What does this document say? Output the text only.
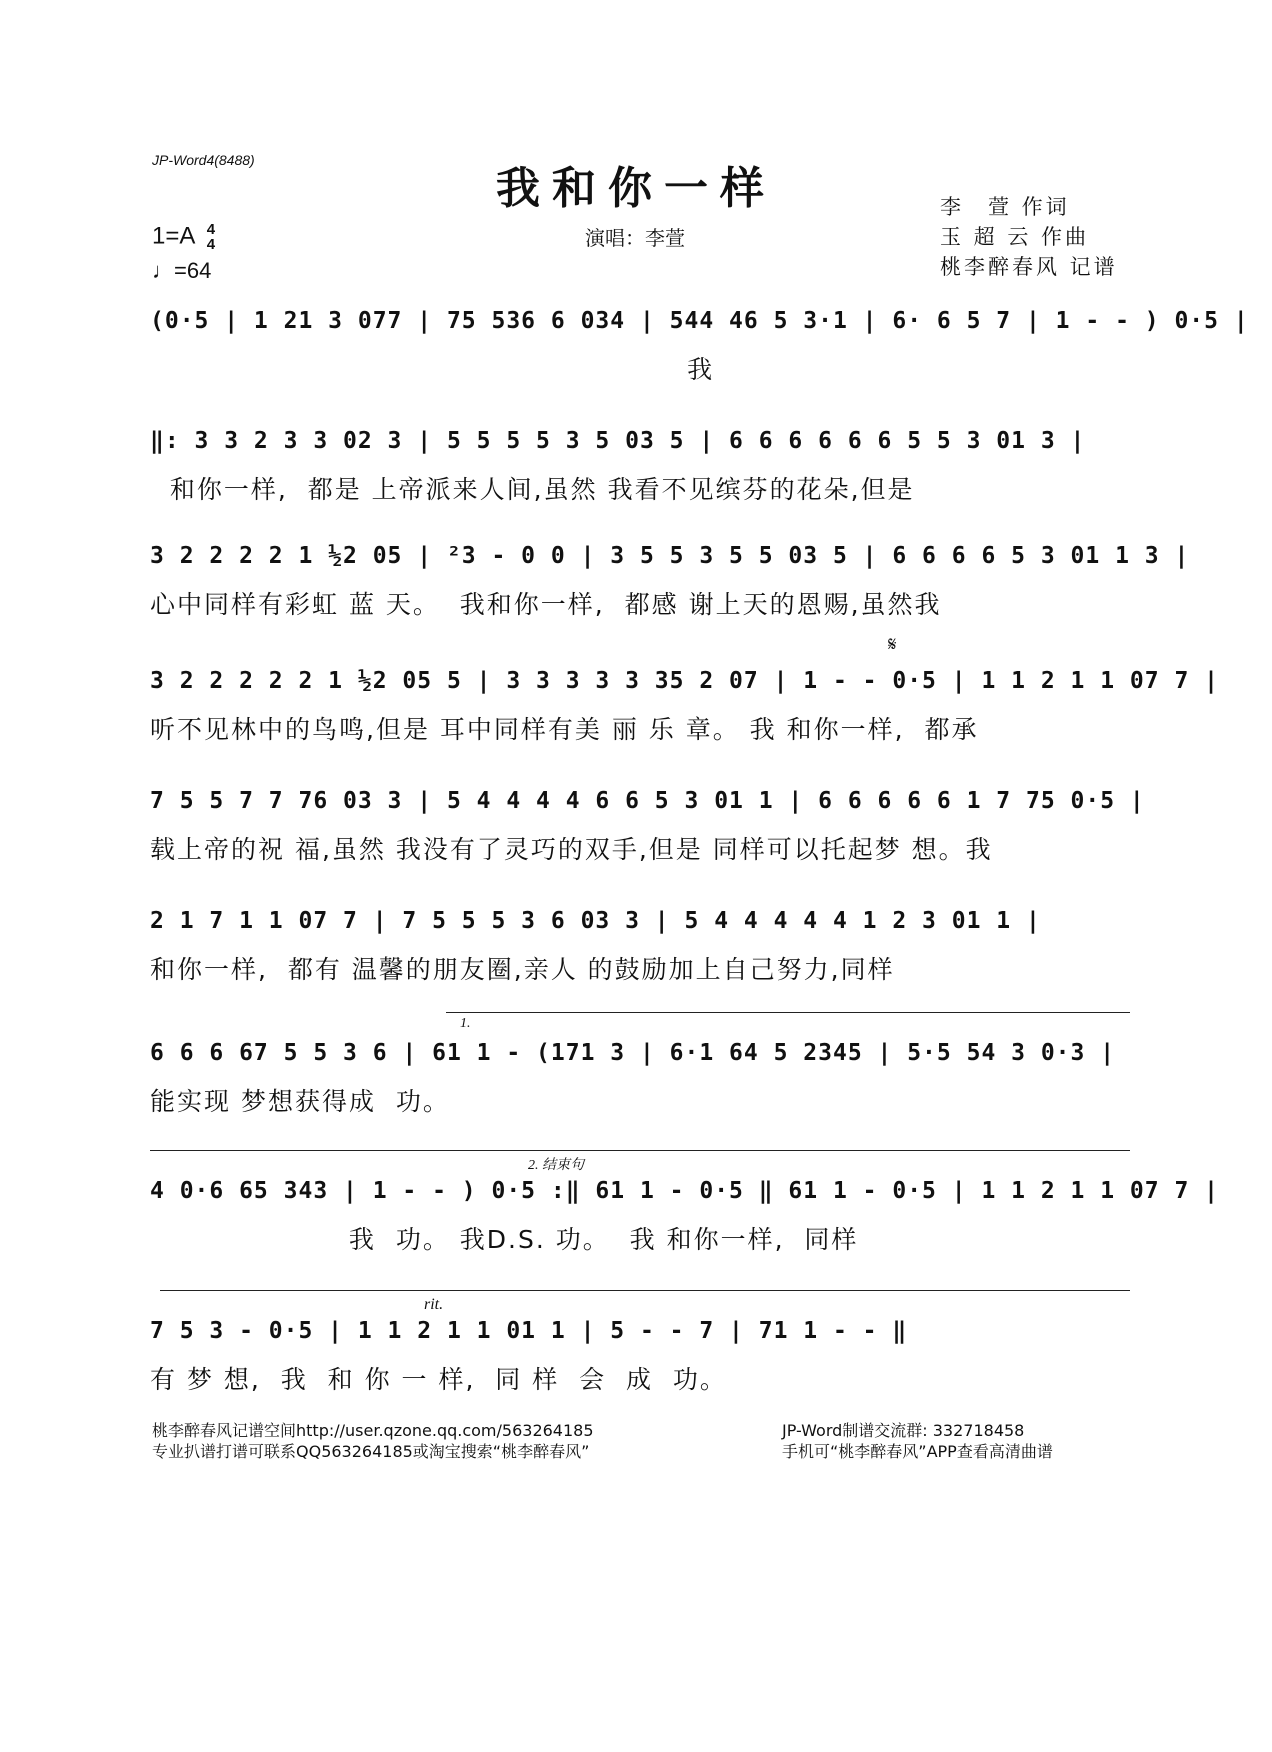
JP-Word4(8488)
我和你一样
演唱：李萱
李　萱 作词
玉 超 云 作曲
桃李醉春风 记谱
1=A 4
4
♩=64
(0·5 | 1 21 3 077 | 75 536 6 034 | 544 46 5 3·1 | 6· 6 5 7 | 1 - - ) 0·5 |
我
‖: 3 3 2 3 3 02 3 | 5 5 5 5 3 5 03 5 | 6 6 6 6 6 6 5 5 3 01 3 |
和你一样,  都是 上帝派来人间,虽然 我看不见缤芬的花朵,但是
3 2 2 2 2 1 ½2 05 | ²3 - 0 0 | 3 5 5 3 5 5 03 5 | 6 6 6 6 5 3 01 1 3 |
心中同样有彩虹 蓝 天。  我和你一样,  都感 谢上天的恩赐,虽然我
𝄋
3 2 2 2 2 2 1 ½2 05 5 | 3 3 3 3 3 35 2 07 | 1 - - 0·5 | 1 1 2 1 1 07 7 |
听不见林中的鸟鸣,但是 耳中同样有美 丽 乐 章。 我 和你一样,  都承
7 5 5 7 7 76 03 3 | 5 4 4 4 4 6 6 5 3 01 1 | 6 6 6 6 6 1 7 75 0·5 |
载上帝的祝 福,虽然 我没有了灵巧的双手,但是 同样可以托起梦 想。我
2 1 7 1 1 07 7 | 7 5 5 5 3 6 03 3 | 5 4 4 4 4 4 1 2 3 01 1 |
和你一样,  都有 温馨的朋友圈,亲人 的鼓励加上自己努力,同样
1.
6 6 6 67 5 5 3 6 | 61 1 - (171 3 | 6·1 64 5 2345 | 5·5 54 3 0·3 |
能实现 梦想获得成  功。
2. 结束句
4 0·6 65 343 | 1 - - ) 0·5 :‖ 61 1 - 0·5 ‖ 61 1 - 0·5 | 1 1 2 1 1 07 7 |
我  功。 我D.S. 功。  我 和你一样,  同样
rit.
7 5 3 - 0·5 | 1 1 2 1 1 01 1 | 5 - - 7 | 71 1 - - ‖
有 梦 想,  我  和 你 一 样,  同 样  会  成  功。
桃李醉春风记谱空间http://user.qzone.qq.com/563264185
专业扒谱打谱可联系QQ563264185或淘宝搜索“桃李醉春风”
JP-Word制谱交流群: 332718458
手机可“桃李醉春风”APP查看高清曲谱
